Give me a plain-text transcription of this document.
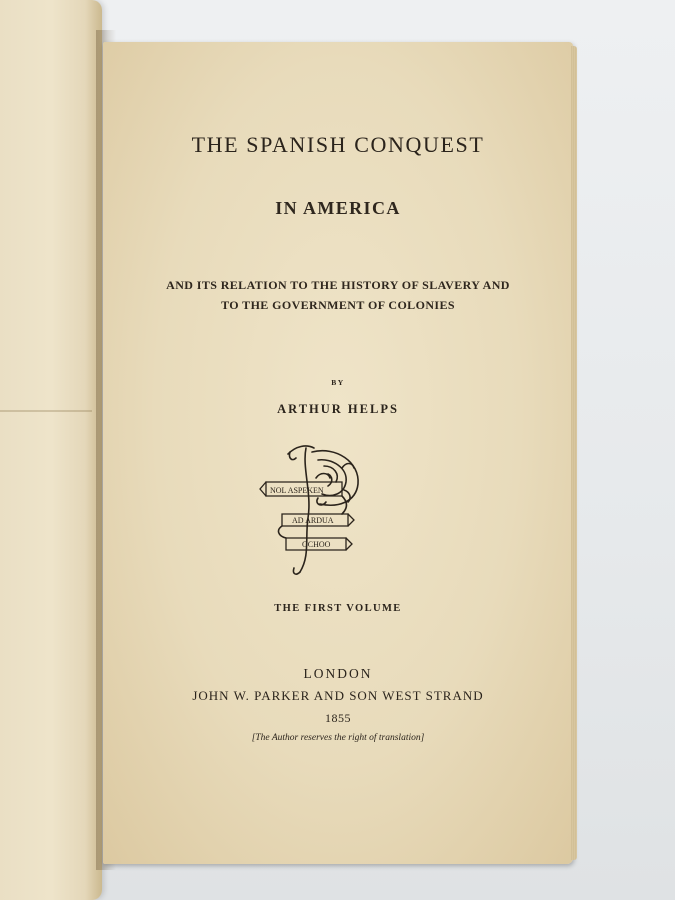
THE SPANISH CONQUEST
IN AMERICA
AND ITS RELATION TO THE HISTORY OF SLAVERY AND
TO THE GOVERNMENT OF COLONIES
BY
ARTHUR HELPS
NOL ASPEKEN
AD ARDUA
OCHOO
THE FIRST VOLUME
LONDON
JOHN W. PARKER AND SON WEST STRAND
1855
[The Author reserves the right of translation]
